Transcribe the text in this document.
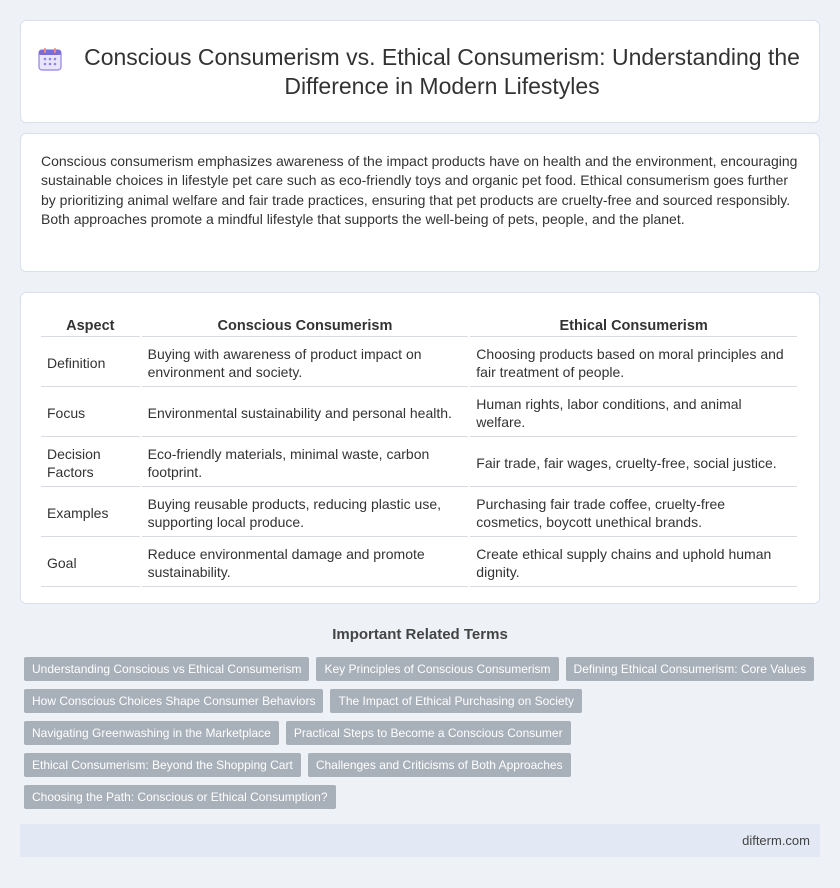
Conscious Consumerism vs. Ethical Consumerism: Understanding the Difference in Modern Lifestyles

Conscious consumerism emphasizes awareness of the impact products have on health and the environment, encouraging sustainable choices in lifestyle pet care such as eco-friendly toys and organic pet food. Ethical consumerism goes further by prioritizing animal welfare and fair trade practices, ensuring that pet products are cruelty-free and sourced responsibly. Both approaches promote a mindful lifestyle that supports the well-being of pets, people, and the planet.

Aspect	Conscious Consumerism	Ethical Consumerism
Definition	Buying with awareness of product impact on environment and society.	Choosing products based on moral principles and fair treatment of people.
Focus	Environmental sustainability and personal health.	Human rights, labor conditions, and animal welfare.
Decision Factors	Eco-friendly materials, minimal waste, carbon footprint.	Fair trade, fair wages, cruelty-free, social justice.
Examples	Buying reusable products, reducing plastic use, supporting local produce.	Purchasing fair trade coffee, cruelty-free cosmetics, boycott unethical brands.
Goal	Reduce environmental damage and promote sustainability.	Create ethical supply chains and uphold human dignity.
Important Related Terms
Understanding Conscious vs Ethical Consumerism	Key Principles of Conscious Consumerism	Defining Ethical Consumerism: Core Values
How Conscious Choices Shape Consumer Behaviors	The Impact of Ethical Purchasing on Society
Navigating Greenwashing in the Marketplace	Practical Steps to Become a Conscious Consumer
Ethical Consumerism: Beyond the Shopping Cart	Challenges and Criticisms of Both Approaches
Choosing the Path: Conscious or Ethical Consumption?
difterm.com
